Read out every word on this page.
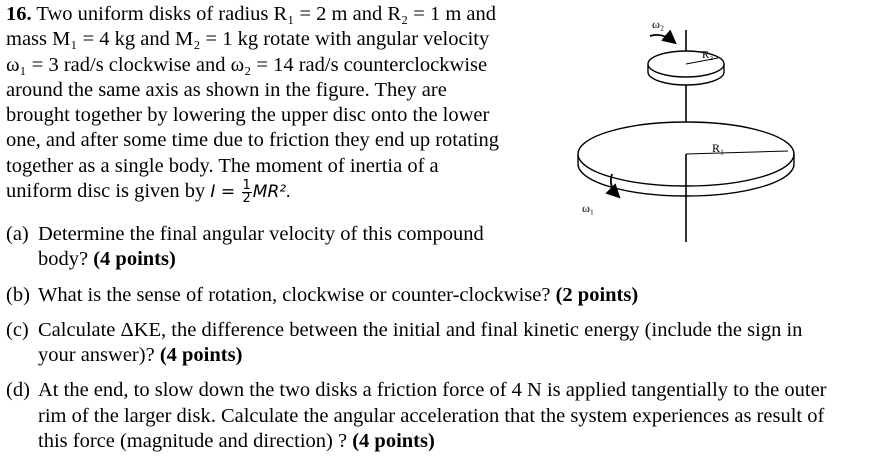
16. Two uniform disks of radius R₁ = 2 m and R₂ = 1 m and
mass M₁ = 4 kg and M₂ = 1 kg rotate with angular velocity
ω₁ = 3 rad/s clockwise and ω₂ = 14 rad/s counterclockwise
around the same axis as shown in the figure. They are
brought together by lowering the upper disc onto the lower
one, and after some time due to friction they end up rotating
together as a single body. The moment of inertia of a
uniform disc is given by $I = \frac{1}{2} MR^2$.
(a) Determine the final angular velocity of this compound
body? (4 points)
(b) What is the sense of rotation, clockwise or counter-clockwise? (2 points)
(c) Calculate ΔKE, the difference between the initial and final kinetic energy (include the sign in
your answer)? (4 points)
(d) At the end, to slow down the two disks a friction force of 4 N is applied tangentially to the outer
rim of the larger disk. Calculate the angular acceleration that the system experiences as result of
this force (magnitude and direction) ? (4 points)
ω₂
R₂
R₁
ω₁
